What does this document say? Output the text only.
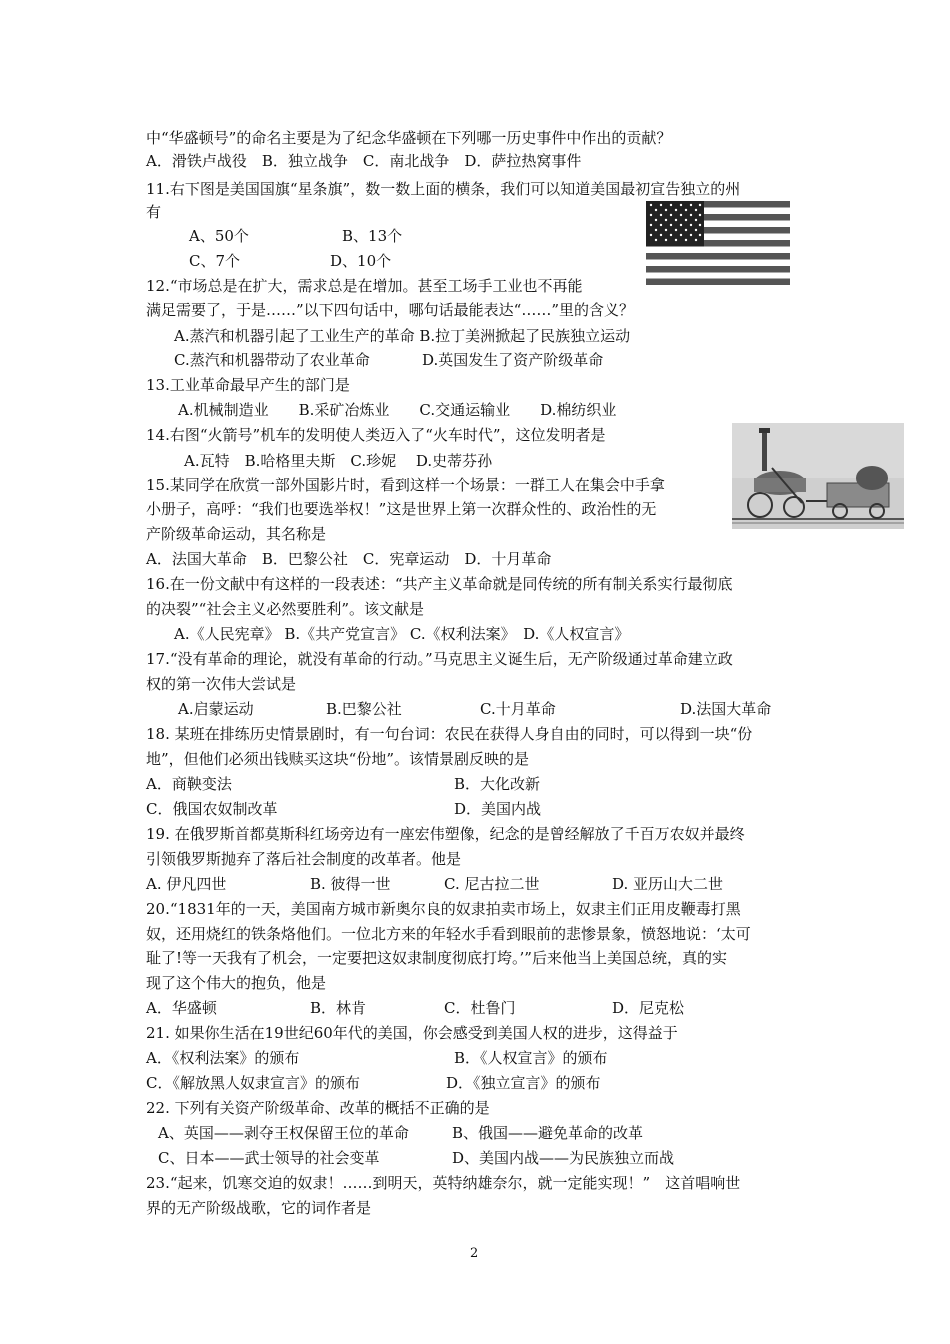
中“华盛顿号”的命名主要是为了纪念华盛顿在下列哪一历史事件中作出的贡献？
A．滑铁卢战役　B．独立战争　C．南北战争　D．萨拉热窝事件
11.右下图是美国国旗“星条旗”，数一数上面的横条，我们可以知道美国最初宣告独立的州
有
A、50个	B、13个
C、7个	D、10个
12.“市场总是在扩大，需求总是在增加。甚至工场手工业也不再能
满足需要了，于是……”以下四句话中，哪句话最能表达“……”里的含义？
A.蒸汽和机器引起了工业生产的革命 B.拉丁美洲掀起了民族独立运动
C.蒸汽和机器带动了农业革命	D.英国发生了资产阶级革命
13.工业革命最早产生的部门是
A.机械制造业　　B.采矿冶炼业　　C.交通运输业　　D.棉纺织业
14.右图“火箭号”机车的发明使人类迈入了“火车时代”，这位发明者是
A.瓦特　B.哈格里夫斯　C.珍妮　 D.史蒂芬孙
15.某同学在欣赏一部外国影片时，看到这样一个场景：一群工人在集会中手拿
小册子，高呼：“我们也要选举权！”这是世界上第一次群众性的、政治性的无
产阶级革命运动，其名称是
A．法国大革命　B．巴黎公社　C．宪章运动　D．十月革命
16.在一份文献中有这样的一段表述：“共产主义革命就是同传统的所有制关系实行最彻底
的决裂”“社会主义必然要胜利”。该文献是
A.《人民宪章》 B.《共产党宣言》 C.《权利法案》　D.《人权宣言》
17.“没有革命的理论，就没有革命的行动。”马克思主义诞生后，无产阶级通过革命建立政
权的第一次伟大尝试是
A.启蒙运动	B.巴黎公社	C.十月革命	D.法国大革命
18. 某班在排练历史情景剧时，有一句台词：农民在获得人身自由的同时，可以得到一块“份
地”，但他们必须出钱赎买这块“份地”。该情景剧反映的是
A．商鞅变法	B．大化改新
C．俄国农奴制改革	D．美国内战
19. 在俄罗斯首都莫斯科红场旁边有一座宏伟塑像，纪念的是曾经解放了千百万农奴并最终
引领俄罗斯抛弃了落后社会制度的改革者。他是
A. 伊凡四世	B. 彼得一世	C. 尼古拉二世	D. 亚历山大二世
20.“1831年的一天，美国南方城市新奥尔良的奴隶拍卖市场上，奴隶主们正用皮鞭毒打黑
奴，还用烧红的铁条烙他们。一位北方来的年轻水手看到眼前的悲惨景象，愤怒地说：‘太可
耻了!等一天我有了机会，一定要把这奴隶制度彻底打垮。’”后来他当上美国总统，真的实
现了这个伟大的抱负，他是
A．华盛顿	B．林肯	C．杜鲁门	D．尼克松
21. 如果你生活在19世纪60年代的美国，你会感受到美国人权的进步，这得益于
A．《权利法案》的颁布	B．《人权宣言》的颁布
C．《解放黑人奴隶宣言》的颁布	D．《独立宣言》的颁布
22. 下列有关资产阶级革命、改革的概括不正确的是
A、英国——剥夺王权保留王位的革命	B、俄国——避免革命的改革
C、日本——武士领导的社会变革	D、美国内战——为民族独立而战
23.“起来，饥寒交迫的奴隶！……到明天，英特纳雄奈尔，就一定能实现！”　这首唱响世
界的无产阶级战歌，它的词作者是
2
